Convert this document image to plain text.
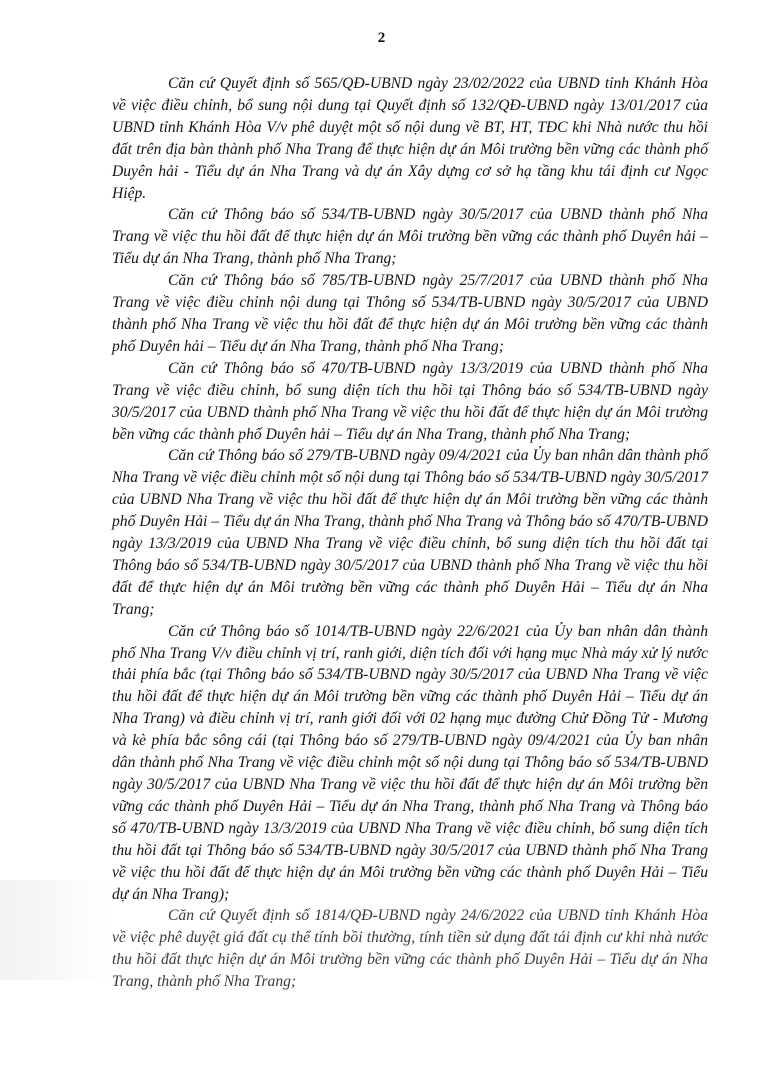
2

Căn cứ Quyết định số 565/QĐ-UBND ngày 23/02/2022 của UBND tỉnh Khánh Hòa về việc điều chỉnh, bổ sung nội dung tại Quyết định số 132/QĐ-UBND ngày 13/01/2017 của UBND tỉnh Khánh Hòa V/v phê duyệt một số nội dung về BT, HT, TĐC khi Nhà nước thu hồi đất trên địa bàn thành phố Nha Trang để thực hiện dự án Môi trường bền vững các thành phố Duyên hải - Tiểu dự án Nha Trang và dự án Xây dựng cơ sở hạ tầng khu tái định cư Ngọc Hiệp.

Căn cứ Thông báo số 534/TB-UBND ngày 30/5/2017 của UBND thành phố Nha Trang về việc thu hồi đất để thực hiện dự án Môi trường bền vững các thành phố Duyên hải – Tiểu dự án Nha Trang, thành phố Nha Trang;

Căn cứ Thông báo số 785/TB-UBND ngày 25/7/2017 của UBND thành phố Nha Trang về việc điều chỉnh nội dung tại Thông số 534/TB-UBND ngày 30/5/2017 của UBND thành phố Nha Trang về việc thu hồi đất để thực hiện dự án Môi trường bền vững các thành phố Duyên hải – Tiểu dự án Nha Trang, thành phố Nha Trang;

Căn cứ Thông báo số 470/TB-UBND ngày 13/3/2019 của UBND thành phố Nha Trang về việc điều chỉnh, bổ sung diện tích thu hồi tại Thông báo số 534/TB-UBND ngày 30/5/2017 của UBND thành phố Nha Trang về việc thu hồi đất để thực hiện dự án Môi trường bền vững các thành phố Duyên hải – Tiểu dự án Nha Trang, thành phố Nha Trang;

Căn cứ Thông báo số 279/TB-UBND ngày 09/4/2021 của Ủy ban nhân dân thành phố Nha Trang về việc điều chỉnh một số nội dung tại Thông báo số 534/TB-UBND ngày 30/5/2017 của UBND Nha Trang về việc thu hồi đất để thực hiện dự án Môi trường bền vững các thành phố Duyên Hải – Tiểu dự án Nha Trang, thành phố Nha Trang và Thông báo số 470/TB-UBND ngày 13/3/2019 của UBND Nha Trang về việc điều chỉnh, bổ sung diện tích thu hồi đất tại Thông báo số 534/TB-UBND ngày 30/5/2017 của UBND thành phố Nha Trang về việc thu hồi đất để thực hiện dự án Môi trường bền vững các thành phố Duyên Hải – Tiểu dự án Nha Trang;

Căn cứ Thông báo số 1014/TB-UBND ngày 22/6/2021 của Ủy ban nhân dân thành phố Nha Trang V/v điều chỉnh vị trí, ranh giới, diện tích đối với hạng mục Nhà máy xử lý nước thải phía bắc (tại Thông báo số 534/TB-UBND ngày 30/5/2017 của UBND Nha Trang về việc thu hồi đất để thực hiện dự án Môi trường bền vững các thành phố Duyên Hải – Tiểu dự án Nha Trang) và điều chỉnh vị trí, ranh giới đối với 02 hạng mục đường Chử Đồng Tử - Mương và kè phía bắc sông cái (tại Thông báo số 279/TB-UBND ngày 09/4/2021 của Ủy ban nhân dân thành phố Nha Trang về việc điều chỉnh một số nội dung tại Thông báo số 534/TB-UBND ngày 30/5/2017 của UBND Nha Trang về việc thu hồi đất để thực hiện dự án Môi trường bền vững các thành phố Duyên Hải – Tiểu dự án Nha Trang, thành phố Nha Trang và Thông báo số 470/TB-UBND ngày 13/3/2019 của UBND Nha Trang về việc điều chỉnh, bổ sung diện tích thu hồi đất tại Thông báo số 534/TB-UBND ngày 30/5/2017 của UBND thành phố Nha Trang về việc thu hồi đất để thực hiện dự án Môi trường bền vững các thành phố Duyên Hải – Tiểu dự án Nha Trang);

Căn cứ Quyết định số 1814/QĐ-UBND ngày 24/6/2022 của UBND tỉnh Khánh Hòa về việc phê duyệt giá đất cụ thể tính bồi thường, tính tiền sử dụng đất tái định cư khi nhà nước thu hồi đất thực hiện dự án Môi trường bền vững các thành phố Duyên Hải – Tiểu dự án Nha Trang, thành phố Nha Trang;
